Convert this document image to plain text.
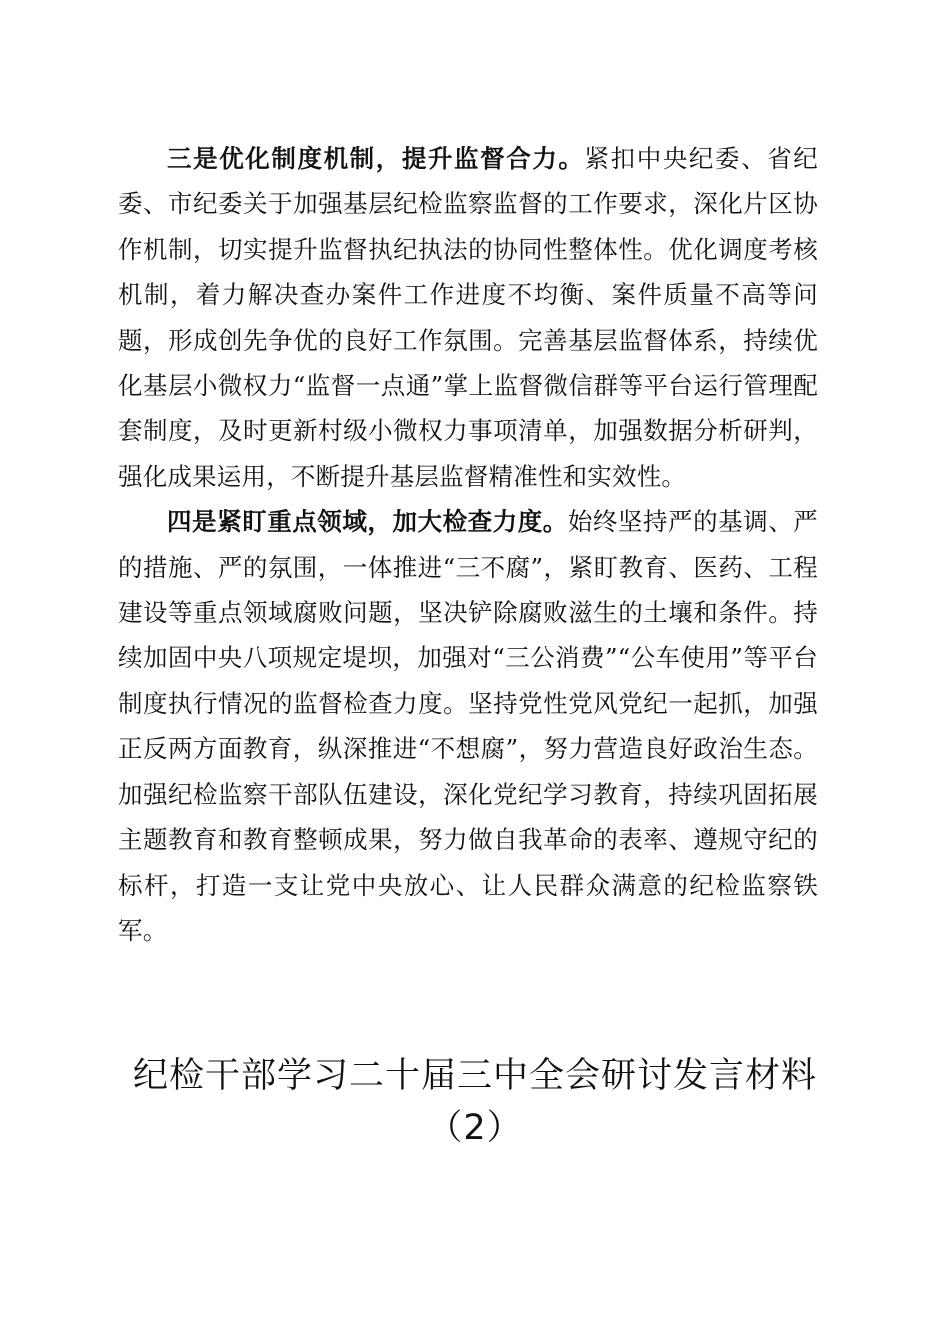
三是优化制度机制，提升监督合力。紧扣中央纪委、省纪委、市纪委关于加强基层纪检监察监督的工作要求，深化片区协作机制，切实提升监督执纪执法的协同性整体性。优化调度考核机制，着力解决查办案件工作进度不均衡、案件质量不高等问题，形成创先争优的良好工作氛围。完善基层监督体系，持续优化基层小微权力“监督一点通”掌上监督微信群等平台运行管理配套制度，及时更新村级小微权力事项清单，加强数据分析研判，强化成果运用，不断提升基层监督精准性和实效性。

四是紧盯重点领域，加大检查力度。始终坚持严的基调、严的措施、严的氛围，一体推进“三不腐”，紧盯教育、医药、工程建设等重点领域腐败问题，坚决铲除腐败滋生的土壤和条件。持续加固中央八项规定堤坝，加强对“三公消费”“公车使用”等平台制度执行情况的监督检查力度。坚持党性党风党纪一起抓，加强正反两方面教育，纵深推进“不想腐”，努力营造良好政治生态。加强纪检监察干部队伍建设，深化党纪学习教育，持续巩固拓展主题教育和教育整顿成果，努力做自我革命的表率、遵规守纪的标杆，打造一支让党中央放心、让人民群众满意的纪检监察铁军。

纪检干部学习二十届三中全会研讨发言材料
（2）
